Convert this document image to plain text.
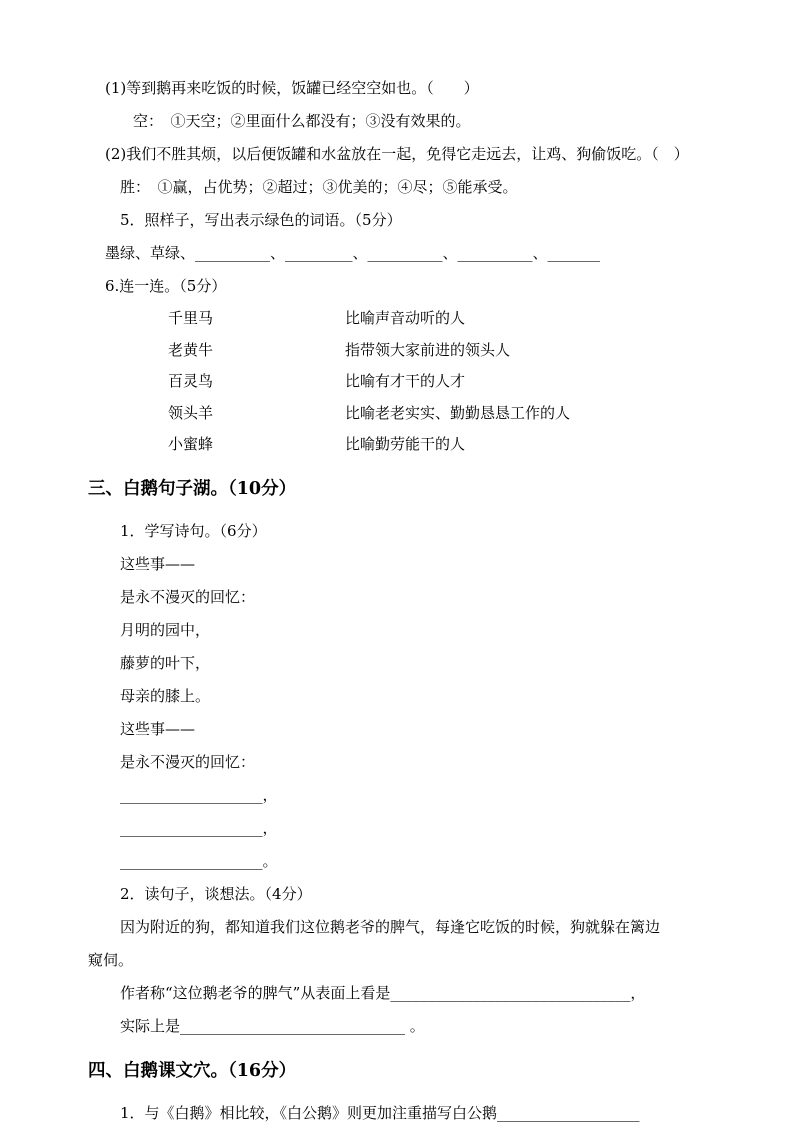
(1)等到鹅再来吃饭的时候，饭罐已经空空如也。（　　）
空：　①天空；②里面什么都没有；③没有效果的。
(2)我们不胜其烦，以后便饭罐和水盆放在一起，免得它走远去，让鸡、狗偷饭吃。（　）
胜：　①赢，占优势；②超过；③优美的；④尽；⑤能承受。
5．照样子，写出表示绿色的词语。（5分）
墨绿、草绿、__________、_________、__________、__________、_______
6.连一连。（5分）
千里马	比喻声音动听的人
老黄牛	指带领大家前进的领头人
百灵鸟	比喻有才干的人才
领头羊	比喻老老实实、勤勤恳恳工作的人
小蜜蜂	比喻勤劳能干的人
三、白鹅句子湖。（10分）
1．学写诗句。（6分）
这些事——
是永不漫灭的回忆：
月明的园中，
藤萝的叶下，
母亲的膝上。
这些事——
是永不漫灭的回忆：
___________________，
___________________，
___________________。
2．读句子，谈想法。（4分）
因为附近的狗，都知道我们这位鹅老爷的脾气，每逢它吃饭的时候，狗就躲在篱边
窥伺。
作者称“这位鹅老爷的脾气”从表面上看是________________________________，
实际上是______________________________ 。
四、白鹅课文穴。（16分）
1．与《白鹅》相比较，《白公鹅》则更加注重描写白公鹅___________________
